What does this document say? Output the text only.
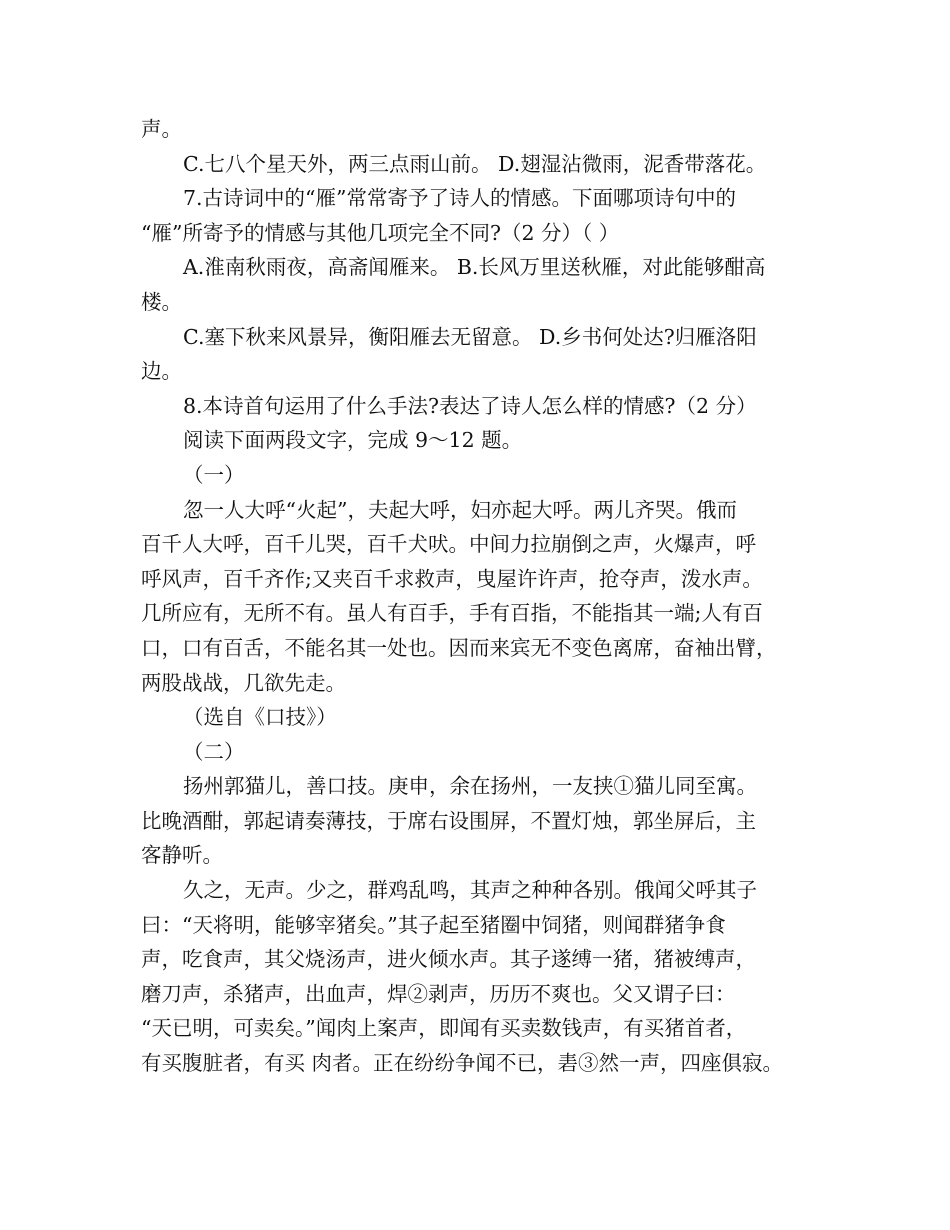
声。

C.七八个星天外，两三点雨山前。 D.翅湿沾微雨，泥香带落花。

7.古诗词中的“雁”常常寄予了诗人的情感。下面哪项诗句中的

“雁”所寄予的情感与其他几项完全不同?（2 分）（ ）

A.淮南秋雨夜，高斋闻雁来。 B.长风万里送秋雁，对此能够酣高

楼。

C.塞下秋来风景异，衡阳雁去无留意。 D.乡书何处达?归雁洛阳

边。

8.本诗首句运用了什么手法?表达了诗人怎么样的情感?（2 分）

阅读下面两段文字，完成 9～12 题。

（一）

忽一人大呼“火起”，夫起大呼，妇亦起大呼。两儿齐哭。俄而

百千人大呼，百千儿哭，百千犬吠。中间力拉崩倒之声，火爆声，呼

呼风声，百千齐作;又夹百千求救声，曳屋许许声，抢夺声，泼水声。

几所应有，无所不有。虽人有百手，手有百指，不能指其一端;人有百

口，口有百舌，不能名其一处也。因而来宾无不变色离席，奋袖出臂，

两股战战，几欲先走。

（选自《口技》）

（二）

扬州郭猫儿，善口技。庚申，余在扬州，一友挟①猫儿同至寓。

比晚酒酣，郭起请奏薄技，于席右设围屏，不置灯烛，郭坐屏后，主

客静听。

久之，无声。少之，群鸡乱鸣，其声之种种各别。俄闻父呼其子

曰：“天将明，能够宰猪矣。”其子起至猪圈中饲猪，则闻群猪争食

声，吃食声，其父烧汤声，进火倾水声。其子遂缚一猪，猪被缚声，

磨刀声，杀猪声，出血声，焊②剥声，历历不爽也。父又谓子曰：

“天已明，可卖矣。”闻肉上案声，即闻有买卖数钱声，有买猪首者，

有买腹脏者，有买 肉者。正在纷纷争闻不已，砉③然一声，四座俱寂。
